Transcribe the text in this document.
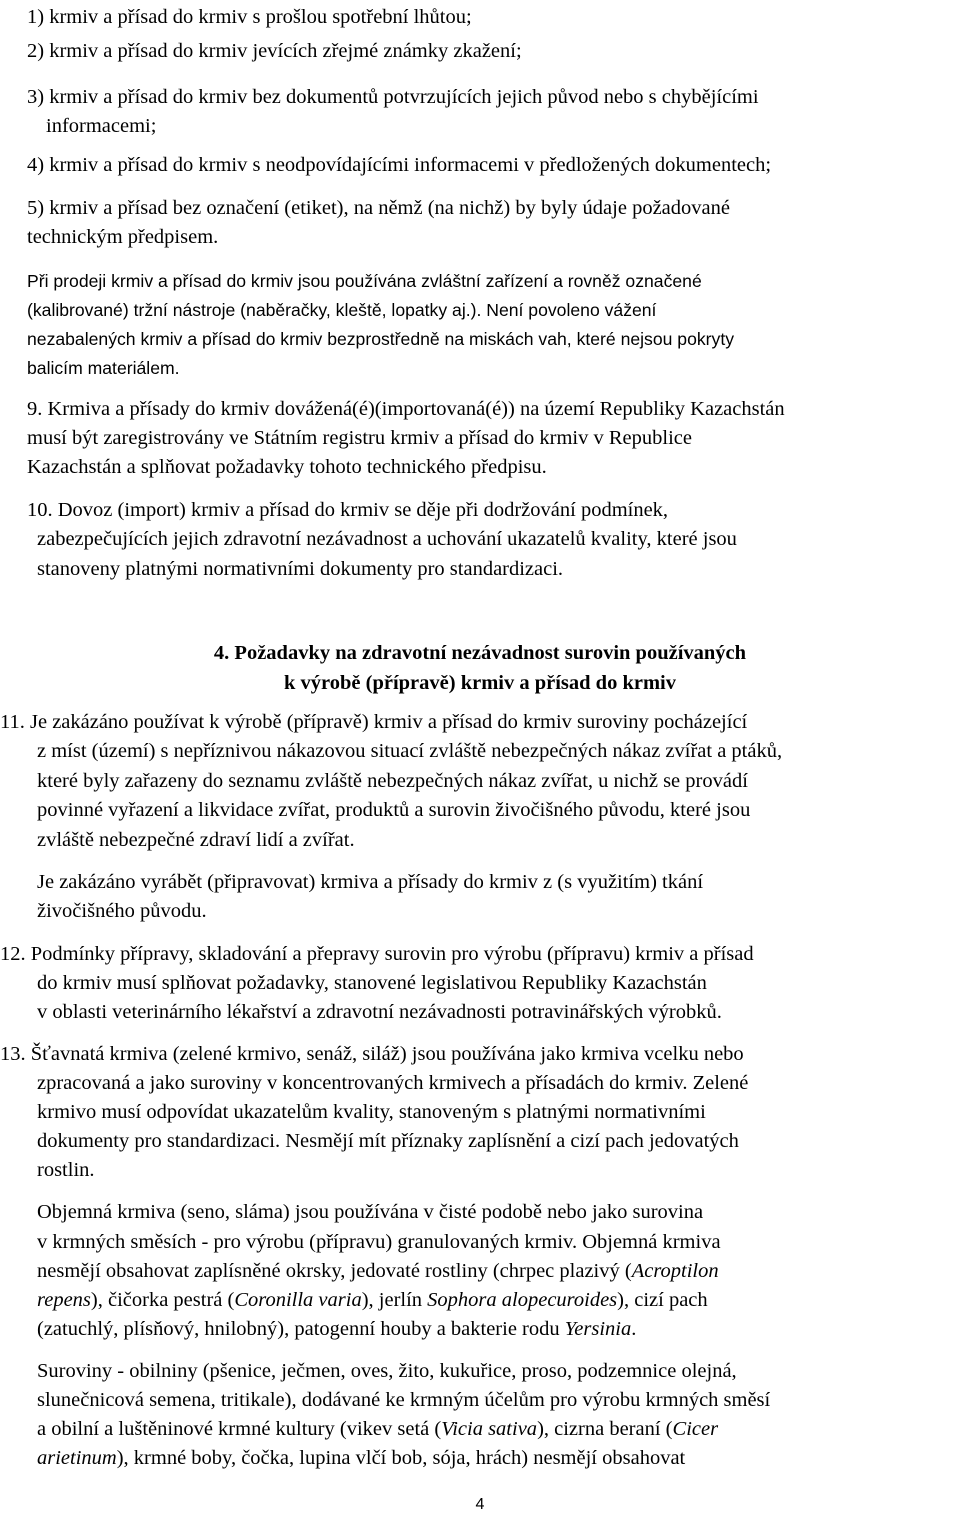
1) krmiv a přísad do krmiv s prošlou spotřební lhůtou;
2) krmiv a přísad do krmiv jevících zřejmé známky zkažení;
3) krmiv a přísad do krmiv bez dokumentů potvrzujících jejich původ nebo s chybějícími
informacemi;
4) krmiv a přísad do krmiv s neodpovídajícími informacemi v předložených dokumentech;
5) krmiv a přísad bez označení (etiket), na němž (na nichž) by byly údaje požadované
technickým předpisem.
Při prodeji krmiv a přísad do krmiv jsou používána zvláštní zařízení a rovněž označené
(kalibrované) tržní nástroje (naběračky, kleště, lopatky aj.). Není povoleno vážení
nezabalených krmiv a přísad do krmiv bezprostředně na miskách vah, které nejsou pokryty
balicím materiálem.
9. Krmiva a přísady do krmiv dovážená(é)(importovaná(é)) na území Republiky Kazachstán
musí být zaregistrovány ve Státním registru krmiv a přísad do krmiv v Republice
Kazachstán a splňovat požadavky tohoto technického předpisu.
10. Dovoz (import) krmiv a přísad do krmiv se děje při dodržování podmínek,
zabezpečujících jejich zdravotní nezávadnost a uchování ukazatelů kvality, které jsou
stanoveny platnými normativními dokumenty pro standardizaci.
4. Požadavky na zdravotní nezávadnost surovin používaných
k výrobě (přípravě) krmiv a přísad do krmiv
11. Je zakázáno používat k výrobě (přípravě) krmiv a přísad do krmiv suroviny pocházející
z míst (území) s nepříznivou nákazovou situací zvláště nebezpečných nákaz zvířat a ptáků,
které byly zařazeny do seznamu zvláště nebezpečných nákaz zvířat, u nichž se provádí
povinné vyřazení a likvidace zvířat, produktů a surovin živočišného původu, které jsou
zvláště nebezpečné zdraví lidí a zvířat.
Je zakázáno vyrábět (připravovat) krmiva a přísady do krmiv z (s využitím) tkání
živočišného původu.
12. Podmínky přípravy, skladování a přepravy surovin pro výrobu (přípravu) krmiv a přísad
do krmiv musí splňovat požadavky, stanovené legislativou Republiky Kazachstán
v oblasti veterinárního lékařství a zdravotní nezávadnosti potravinářských výrobků.
13. Šťavnatá krmiva (zelené krmivo, senáž, siláž) jsou používána jako krmiva vcelku nebo
zpracovaná a jako suroviny v koncentrovaných krmivech a přísadách do krmiv. Zelené
krmivo musí odpovídat ukazatelům kvality, stanoveným s platnými normativními
dokumenty pro standardizaci. Nesmějí mít příznaky zaplísnění a cizí pach jedovatých
rostlin.
Objemná krmiva (seno, sláma) jsou používána v čisté podobě nebo jako surovina
v krmných směsích - pro výrobu (přípravu) granulovaných krmiv. Objemná krmiva
nesmějí obsahovat zaplísněné okrsky, jedovaté rostliny (chrpec plazivý (Acroptilon
repens), čičorka pestrá (Coronilla varia), jerlín Sophora alopecuroides), cizí pach
(zatuchlý, plísňový, hnilobný), patogenní houby a bakterie rodu Yersinia.
Suroviny - obilniny (pšenice, ječmen, oves, žito, kukuřice, proso, podzemnice olejná,
slunečnicová semena, tritikale), dodávané ke krmným účelům pro výrobu krmných směsí
a obilní a luštěninové krmné kultury (vikev setá (Vicia sativa), cizrna beraní (Cicer
arietinum), krmné boby, čočka, lupina vlčí bob, sója, hrách) nesmějí obsahovat
4
